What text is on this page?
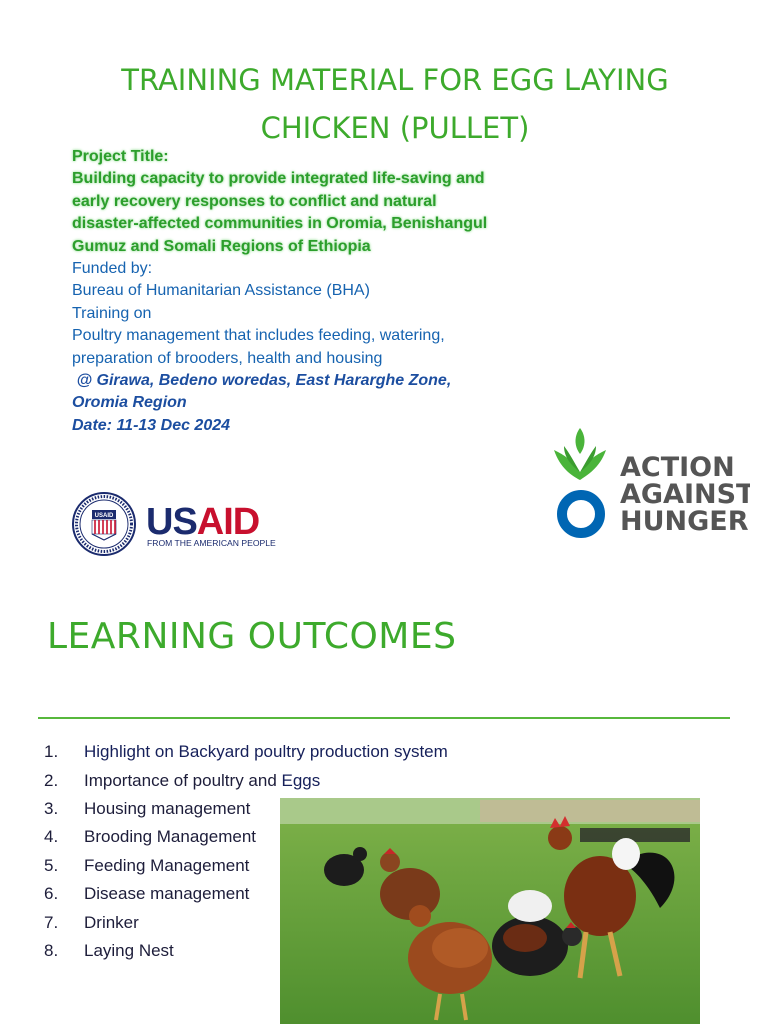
TRAINING MATERIAL FOR EGG LAYING
CHICKEN (PULLET)
Project Title:
Building capacity to provide integrated life-saving and
early recovery responses to conflict and natural
disaster-affected communities in Oromia, Benishangul
Gumuz and Somali Regions of Ethiopia
Funded by:
Bureau of Humanitarian Assistance (BHA)
Training on
Poultry management that includes feeding, watering,
preparation of brooders, health and housing
@ Girawa, Bedeno woredas, East Hararghe Zone,
Oromia Region
Date: 11-13 Dec 2024
USAID USAID
FROM THE AMERICAN PEOPLE
ACTION
AGAINST
HUNGER
LEARNING OUTCOMES
1.	Highlight on Backyard poultry production system
2.	Importance of poultry and Eggs
3.	Housing management
4.	Brooding Management
5.	Feeding Management
6.	Disease management
7.	Drinker
8.	Laying Nest
